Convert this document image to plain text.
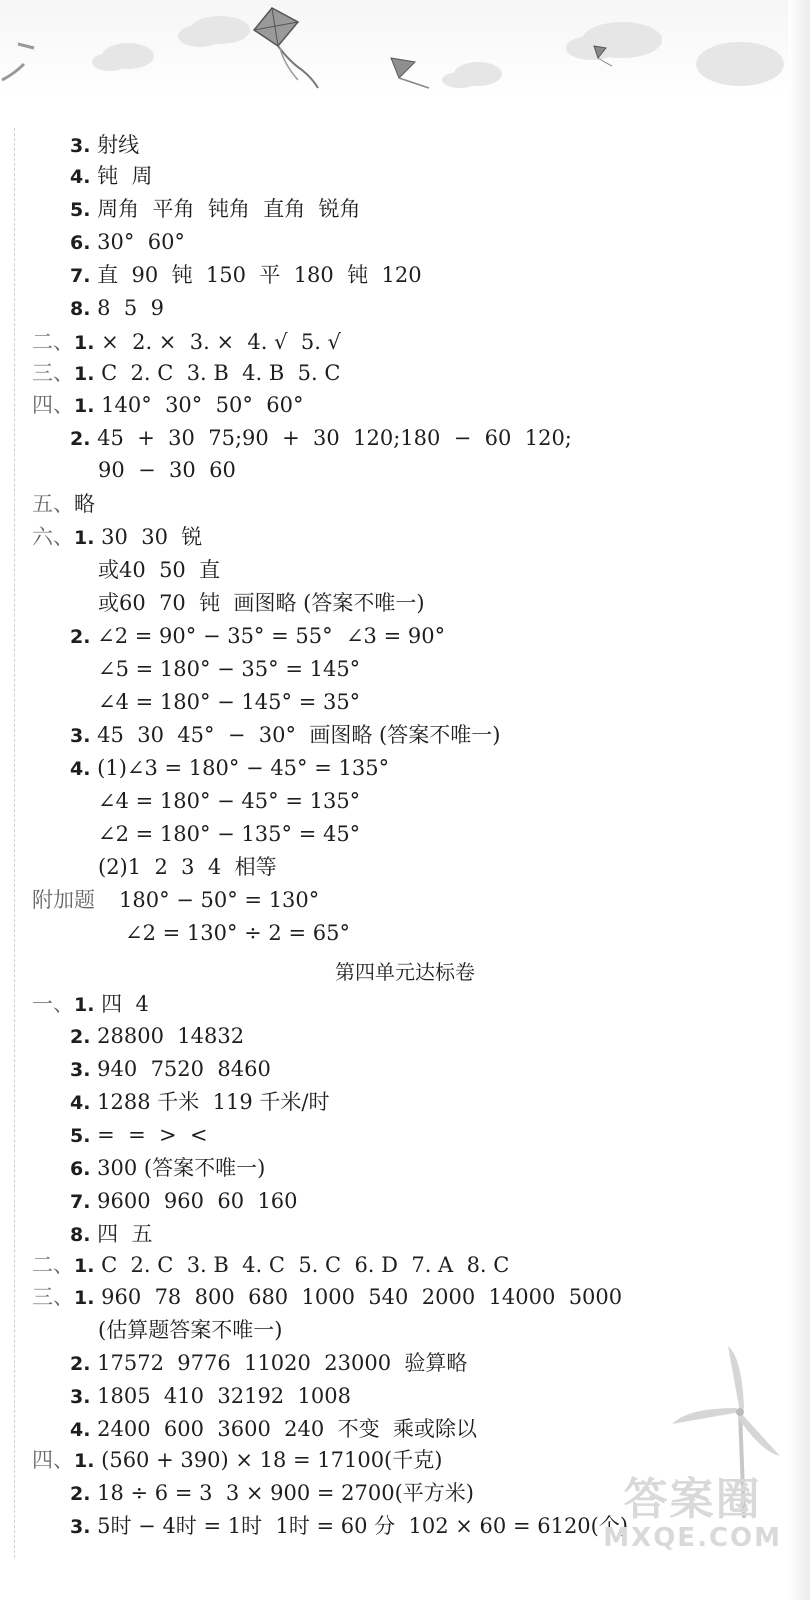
3. 射线
4. 钝  周
5. 周角  平角  钝角  直角  锐角
6. 30°  60°
7. 直  90  钝  150  平  180  钝  120
8. 8  5  9
二、1. ×  2. ×  3. ×  4. √  5. √
三、1. C  2. C  3. B  4. B  5. C
四、1. 140°  30°  50°  60°
2. 45  +  30  75;90  +  30  120;180  −  60  120;
90  −  30  60
五、略
六、1. 30  30  锐
或40  50  直
或60  70  钝  画图略 (答案不唯一)
2. ∠2 = 90° − 35° = 55°  ∠3 = 90°
∠5 = 180° − 35° = 145°
∠4 = 180° − 145° = 35°
3. 45  30  45°  −  30°  画图略 (答案不唯一)
4. (1)∠3 = 180° − 45° = 135°
∠4 = 180° − 45° = 135°
∠2 = 180° − 135° = 45°
(2)1  2  3  4  相等
附加题 180° − 50° = 130°
∠2 = 130° ÷ 2 = 65°
一、1. 四  4
2. 28800  14832
3. 940  7520  8460
4. 1288 千米  119 千米/时
5. =  =  >  <
6. 300 (答案不唯一)
7. 9600  960  60  160
8. 四  五
二、1. C  2. C  3. B  4. C  5. C  6. D  7. A  8. C
三、1. 960  78  800  680  1000  540  2000  14000  5000
(估算题答案不唯一)
2. 17572  9776  11020  23000  验算略
3. 1805  410  32192  1008
4. 2400  600  3600  240  不变  乘或除以
四、1. (560 + 390) × 18 = 17100(千克)
2. 18 ÷ 6 = 3  3 × 900 = 2700(平方米)
3. 5时 − 4时 = 1时  1时 = 60 分  102 × 60 = 6120(个)
第四单元达标卷
答案圈
MXQE.COM
